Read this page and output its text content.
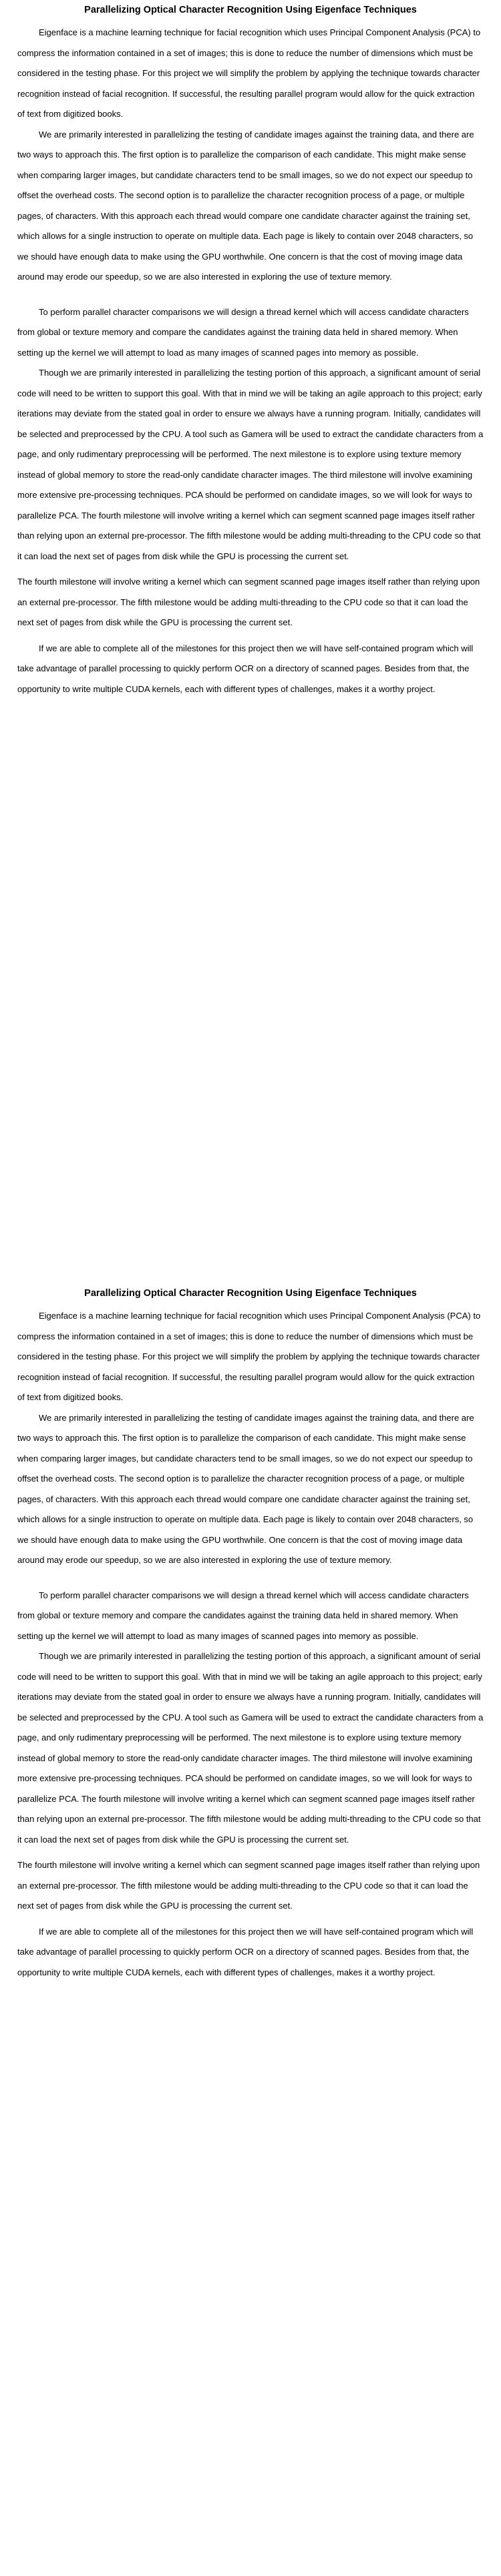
Parallelizing Optical Character Recognition Using Eigenface Techniques

Eigenface is a machine learning technique for facial recognition which uses Principal Component Analysis (PCA) to compress the information contained in a set of images; this is done to reduce the number of dimensions which must be considered in the testing phase. For this project we will simplify the problem by applying the technique towards character recognition instead of facial recognition. If successful, the resulting parallel program would allow for the quick extraction of text from digitized books.

We are primarily interested in parallelizing the testing of candidate images against the training data, and there are two ways to approach this. The first option is to parallelize the comparison of each candidate. This might make sense when comparing larger images, but candidate characters tend to be small images, so we do not expect our speedup to offset the overhead costs. The second option is to parallelize the character recognition process of a page, or multiple pages, of characters. With this approach each thread would compare one candidate character against the training set, which allows for a single instruction to operate on multiple data. Each page is likely to contain over 2048 characters, so we should have enough data to make using the GPU worthwhile. One concern is that the cost of moving image data around may erode our speedup, so we are also interested in exploring the use of texture memory.

To perform parallel character comparisons we will design a thread kernel which will access candidate characters from global or texture memory and compare the candidates against the training data held in shared memory. When setting up the kernel we will attempt to load as many images of scanned pages into memory as possible.

Though we are primarily interested in parallelizing the testing portion of this approach, a significant amount of serial code will need to be written to support this goal. With that in mind we will be taking an agile approach to this project; early iterations may deviate from the stated goal in order to ensure we always have a running program. Initially, candidates will be selected and preprocessed by the CPU. A tool such as Gamera will be used to extract the candidate characters from a page, and only rudimentary preprocessing will be performed. The next milestone is to explore using texture memory instead of global memory to store the read-only candidate character images. The third milestone will involve examining more extensive pre-processing techniques. PCA should be performed on candidate images, so we will look for ways to parallelize PCA. The fourth milestone will involve writing a kernel which can segment scanned page images itself rather than relying upon an external pre-processor. The fifth milestone would be adding multi-threading to the CPU code so that it can load the next set of pages from disk while the GPU is processing the current set.

The fourth milestone will involve writing a kernel which can segment scanned page images itself rather than relying upon an external pre-processor. The fifth milestone would be adding multi-threading to the CPU code so that it can load the next set of pages from disk while the GPU is processing the current set.

If we are able to complete all of the milestones for this project then we will have self-contained program which will take advantage of parallel processing to quickly perform OCR on a directory of scanned pages. Besides from that, the opportunity to write multiple CUDA kernels, each with different types of challenges, makes it a worthy project.

Parallelizing Optical Character Recognition Using Eigenface Techniques

Eigenface is a machine learning technique for facial recognition which uses Principal Component Analysis (PCA) to compress the information contained in a set of images; this is done to reduce the number of dimensions which must be considered in the testing phase. For this project we will simplify the problem by applying the technique towards character recognition instead of facial recognition. If successful, the resulting parallel program would allow for the quick extraction of text from digitized books.

We are primarily interested in parallelizing the testing of candidate images against the training data, and there are two ways to approach this. The first option is to parallelize the comparison of each candidate. This might make sense when comparing larger images, but candidate characters tend to be small images, so we do not expect our speedup to offset the overhead costs. The second option is to parallelize the character recognition process of a page, or multiple pages, of characters. With this approach each thread would compare one candidate character against the training set, which allows for a single instruction to operate on multiple data. Each page is likely to contain over 2048 characters, so we should have enough data to make using the GPU worthwhile. One concern is that the cost of moving image data around may erode our speedup, so we are also interested in exploring the use of texture memory.

To perform parallel character comparisons we will design a thread kernel which will access candidate characters from global or texture memory and compare the candidates against the training data held in shared memory. When setting up the kernel we will attempt to load as many images of scanned pages into memory as possible.

Though we are primarily interested in parallelizing the testing portion of this approach, a significant amount of serial code will need to be written to support this goal. With that in mind we will be taking an agile approach to this project; early iterations may deviate from the stated goal in order to ensure we always have a running program. Initially, candidates will be selected and preprocessed by the CPU. A tool such as Gamera will be used to extract the candidate characters from a page, and only rudimentary preprocessing will be performed. The next milestone is to explore using texture memory instead of global memory to store the read-only candidate character images. The third milestone will involve examining more extensive pre-processing techniques. PCA should be performed on candidate images, so we will look for ways to parallelize PCA. The fourth milestone will involve writing a kernel which can segment scanned page images itself rather than relying upon an external pre-processor. The fifth milestone would be adding multi-threading to the CPU code so that it can load the next set of pages from disk while the GPU is processing the current set.

The fourth milestone will involve writing a kernel which can segment scanned page images itself rather than relying upon an external pre-processor. The fifth milestone would be adding multi-threading to the CPU code so that it can load the next set of pages from disk while the GPU is processing the current set.

If we are able to complete all of the milestones for this project then we will have self-contained program which will take advantage of parallel processing to quickly perform OCR on a directory of scanned pages. Besides from that, the opportunity to write multiple CUDA kernels, each with different types of challenges, makes it a worthy project.
